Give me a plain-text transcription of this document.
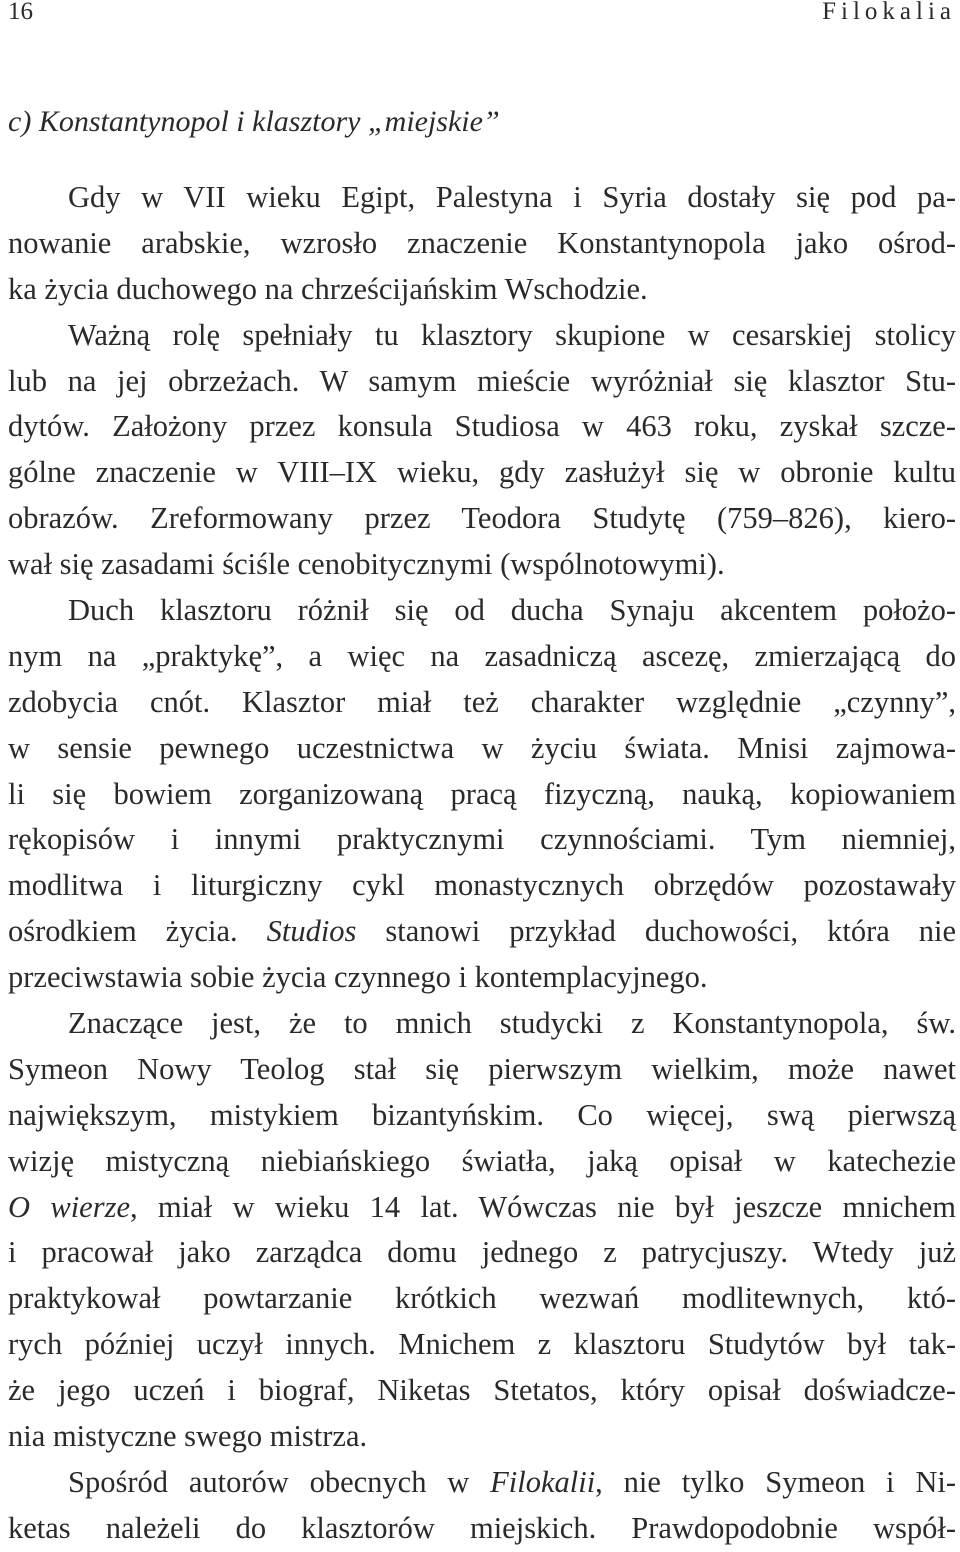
16	Filokalia
c) Konstantynopol i klasztory „miejskie”
Gdy w VII wieku Egipt, Palestyna i Syria dostały się pod pa-
nowanie arabskie, wzrosło znaczenie Konstantynopola jako ośrod-
ka życia duchowego na chrześcijańskim Wschodzie.
Ważną rolę spełniały tu klasztory skupione w cesarskiej stolicy
lub na jej obrzeżach. W samym mieście wyróżniał się klasztor Stu-
dytów. Założony przez konsula Studiosa w 463 roku, zyskał szcze-
gólne znaczenie w VIII–IX wieku, gdy zasłużył się w obronie kultu
obrazów. Zreformowany przez Teodora Studytę (759–826), kiero-
wał się zasadami ściśle cenobitycznymi (wspólnotowymi).
Duch klasztoru różnił się od ducha Synaju akcentem położo-
nym na „praktykę”, a więc na zasadniczą ascezę, zmierzającą do
zdobycia cnót. Klasztor miał też charakter względnie „czynny”,
w sensie pewnego uczestnictwa w życiu świata. Mnisi zajmowa-
li się bowiem zorganizowaną pracą fizyczną, nauką, kopiowaniem
rękopisów i innymi praktycznymi czynnościami. Tym niemniej,
modlitwa i liturgiczny cykl monastycznych obrzędów pozostawały
ośrodkiem życia. Studios stanowi przykład duchowości, która nie
przeciwstawia sobie życia czynnego i kontemplacyjnego.
Znaczące jest, że to mnich studycki z Konstantynopola, św.
Symeon Nowy Teolog stał się pierwszym wielkim, może nawet
największym, mistykiem bizantyńskim. Co więcej, swą pierwszą
wizję mistyczną niebiańskiego światła, jaką opisał w katechezie
O wierze, miał w wieku 14 lat. Wówczas nie był jeszcze mnichem
i pracował jako zarządca domu jednego z patrycjuszy. Wtedy już
praktykował powtarzanie krótkich wezwań modlitewnych, któ-
rych później uczył innych. Mnichem z klasztoru Studytów był tak-
że jego uczeń i biograf, Niketas Stetatos, który opisał doświadcze-
nia mistyczne swego mistrza.
Spośród autorów obecnych w Filokalii, nie tylko Symeon i Ni-
ketas należeli do klasztorów miejskich. Prawdopodobnie współ-
